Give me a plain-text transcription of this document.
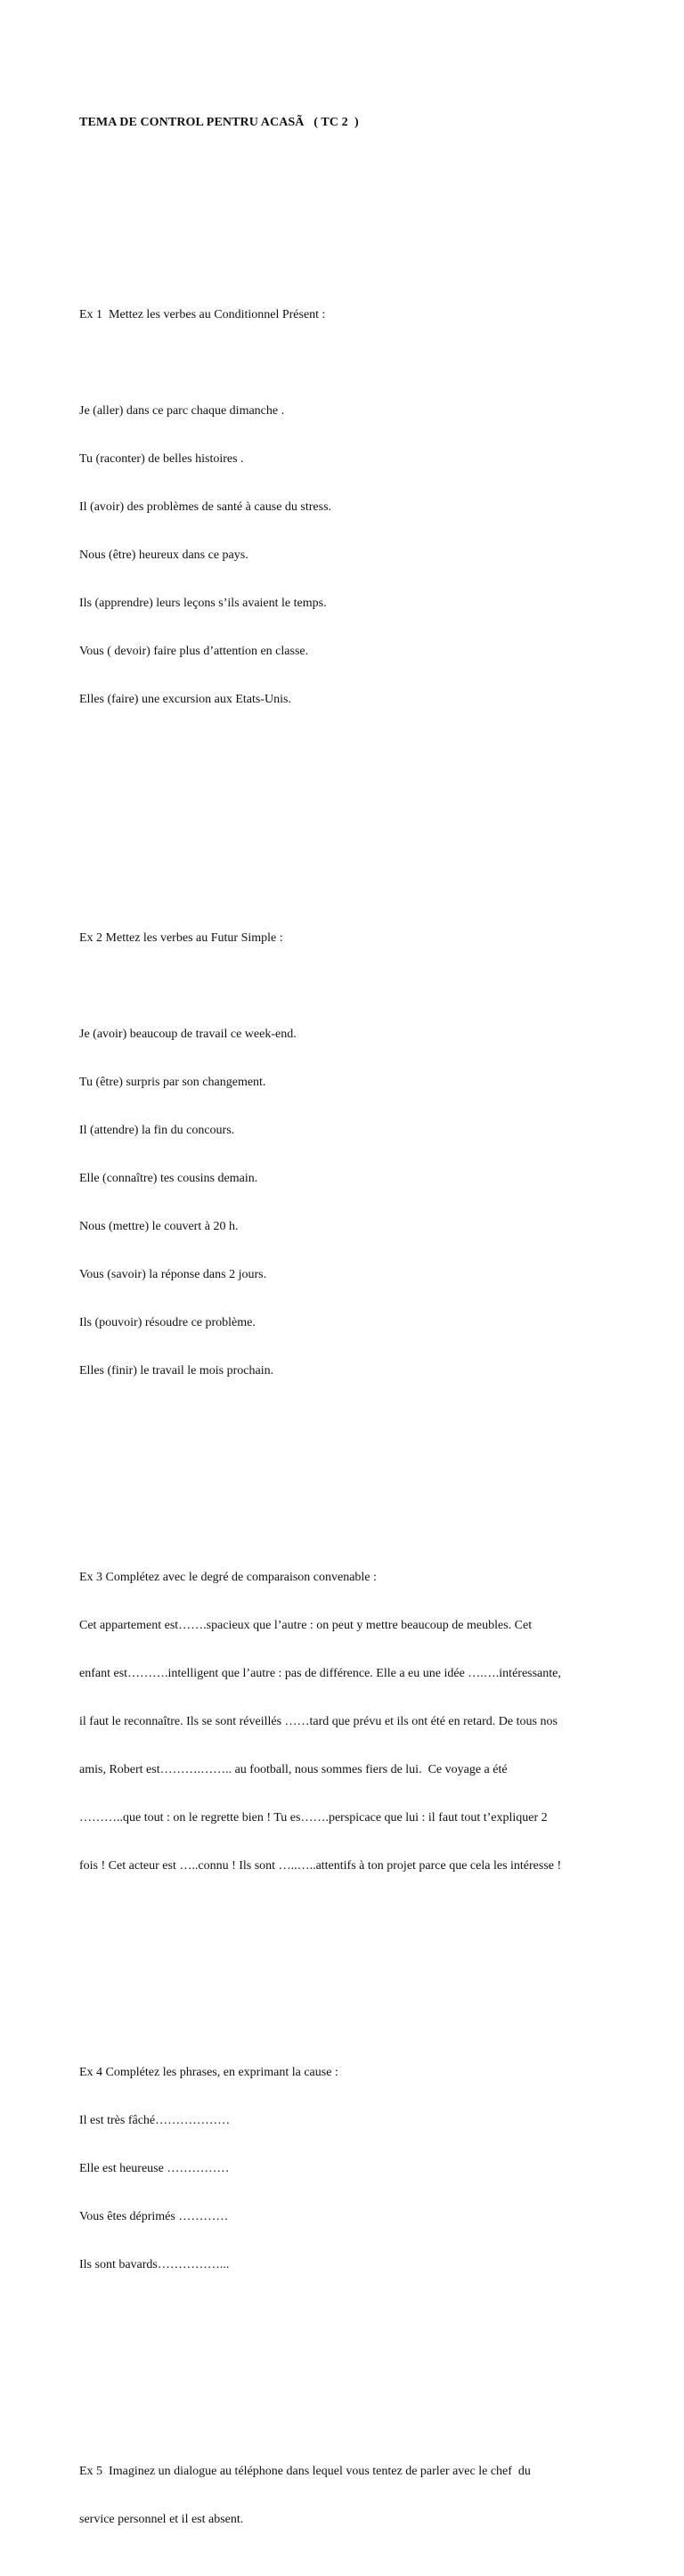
TEMA DE CONTROL PENTRU ACASÃ   ( TC 2  )

Ex 1  Mettez les verbes au Conditionnel Présent :

Je (aller) dans ce parc chaque dimanche .

Tu (raconter) de belles histoires .

Il (avoir) des problèmes de santé à cause du stress.

Nous (être) heureux dans ce pays.

Ils (apprendre) leurs leçons s’ils avaient le temps.

Vous ( devoir) faire plus d’attention en classe.

Elles (faire) une excursion aux Etats-Unis.

Ex 2 Mettez les verbes au Futur Simple :

Je (avoir) beaucoup de travail ce week-end.

Tu (être) surpris par son changement.

Il (attendre) la fin du concours.

Elle (connaître) tes cousins demain.

Nous (mettre) le couvert à 20 h.

Vous (savoir) la réponse dans 2 jours.

Ils (pouvoir) résoudre ce problème.

Elles (finir) le travail le mois prochain.

Ex 3 Complétez avec le degré de comparaison convenable :

Cet appartement est…….spacieux que l’autre : on peut y mettre beaucoup de meubles. Cet

enfant est……….intelligent que l’autre : pas de différence. Elle a eu une idée ….….intéressante,

il faut le reconnaître. Ils se sont réveillés ……tard que prévu et ils ont été en retard. De tous nos

amis, Robert est……….…….. au football, nous sommes fiers de lui.  Ce voyage a été

………..que tout : on le regrette bien ! Tu es…….perspicace que lui : il faut tout t’expliquer 2

fois ! Cet acteur est …..connu ! Ils sont …..…..attentifs à ton projet parce que cela les intéresse !

Ex 4 Complétez les phrases, en exprimant la cause :

Il est très fâché………………

Elle est heureuse ……………

Vous êtes déprimés …………

Ils sont bavards……………...

Ex 5  Imaginez un dialogue au téléphone dans lequel vous tentez de parler avec le chef  du

service personnel et il est absent.
